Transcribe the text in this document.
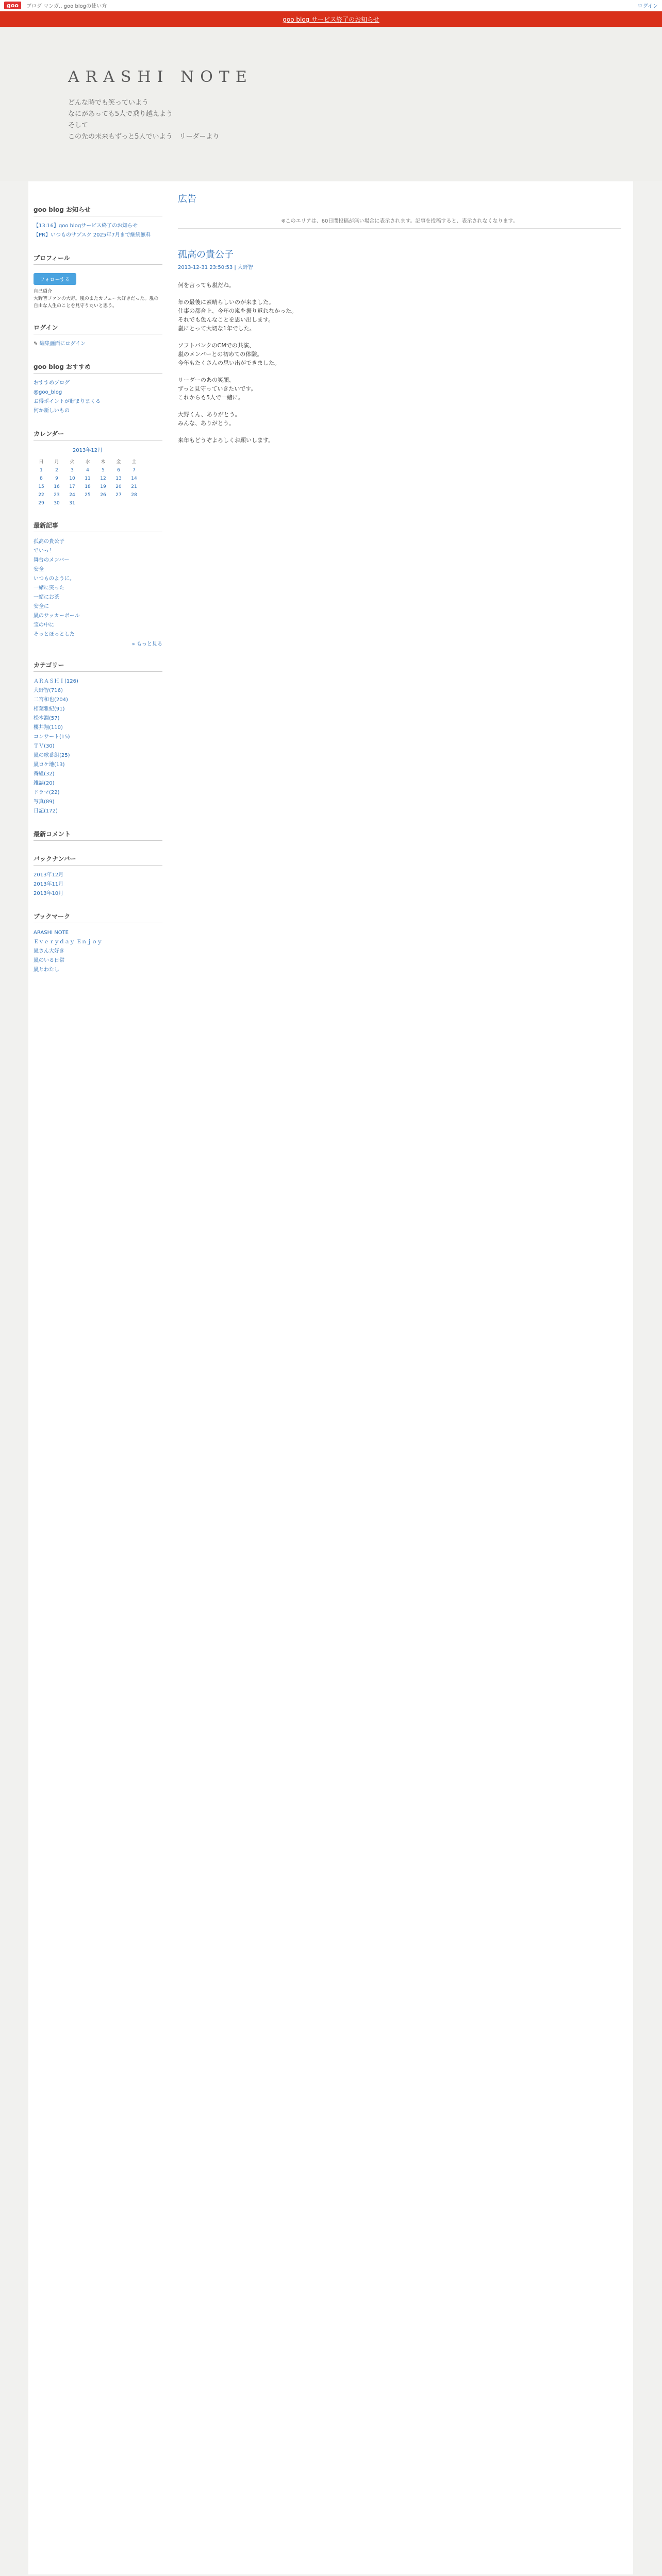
goo	ブログ マンガ.. goo blogの使い方	ログイン
goo blog サービス終了のお知らせ
ARASHI NOTE

どんな時でも笑っていよう

なにがあっても5人で乗り越えよう

そして

この先の未来もずっと5人でいよう　リーダーより

goo blog お知らせ
【13:16】goo blogサービス終了のお知らせ
【PR】いつものサブスク 2025年7月まで継続無料
プロフィール
フォローする

自己紹介
大野智ファンの大野。嵐のまたカフェー大好きだった。嵐の自由な人生のことを見守りたいと思う。

ログイン
✎ 編集画面にログイン
goo blog おすすめ
おすすめブログ
@goo_blog
お得ポイントが貯まりまくる
何か新しいもの
カレンダー
2013年12月
日	月	火	水	木	金	土
1	2	3	4	5	6	7
8	9	10	11	12	13	14
15	16	17	18	19	20	21
22	23	24	25	26	27	28
29	30	31				
最新記事
孤高の貴公子
でいっ！
舞台のメンバー
安全
いつものように。
一緒に笑った
一緒にお茶
安全に
嵐のサッカーボール
宝の中に
そっとほっとした
» もっと見る
カテゴリー
ＡＲＡＳＨＩ(126)
大野智(716)
二宮和也(204)
相葉雅紀(91)
松本潤(57)
櫻井翔(110)
コンサート(15)
ＴＶ(30)
嵐の歌番組(25)
嵐ロケ地(13)
番組(32)
雑誌(20)
ドラマ(22)
写真(89)
日記(172)
最新コメント
バックナンバー
2013年12月
2013年11月
2013年10月
ブックマーク
ARASHI NOTE
Ｅｖｅｒｙｄａｙ Ｅｎｊｏｙ
嵐さん大好き
嵐のいる日常
嵐とわたし
広告
※このエリアは、60日間投稿が無い場合に表示されます。記事を投稿すると、表示されなくなります。
孤高の貴公子
2013-12-31 23:50:53 | 大野智

何を言っても嵐だね。

年の最後に素晴らしいのが来ました。
仕事の都合上、今年の嵐を振り返れなかった。
それでも色んなことを思い出します。
嵐にとって大切な1年でした。

ソフトバンクのCMでの共演、
嵐のメンバーとの初めての体験。
今年もたくさんの思い出ができました。

リーダーのあの笑顔、
ずっと見守っていきたいです。
これからも5人で一緒に。

大野くん、ありがとう。
みんな、ありがとう。

来年もどうぞよろしくお願いします。
